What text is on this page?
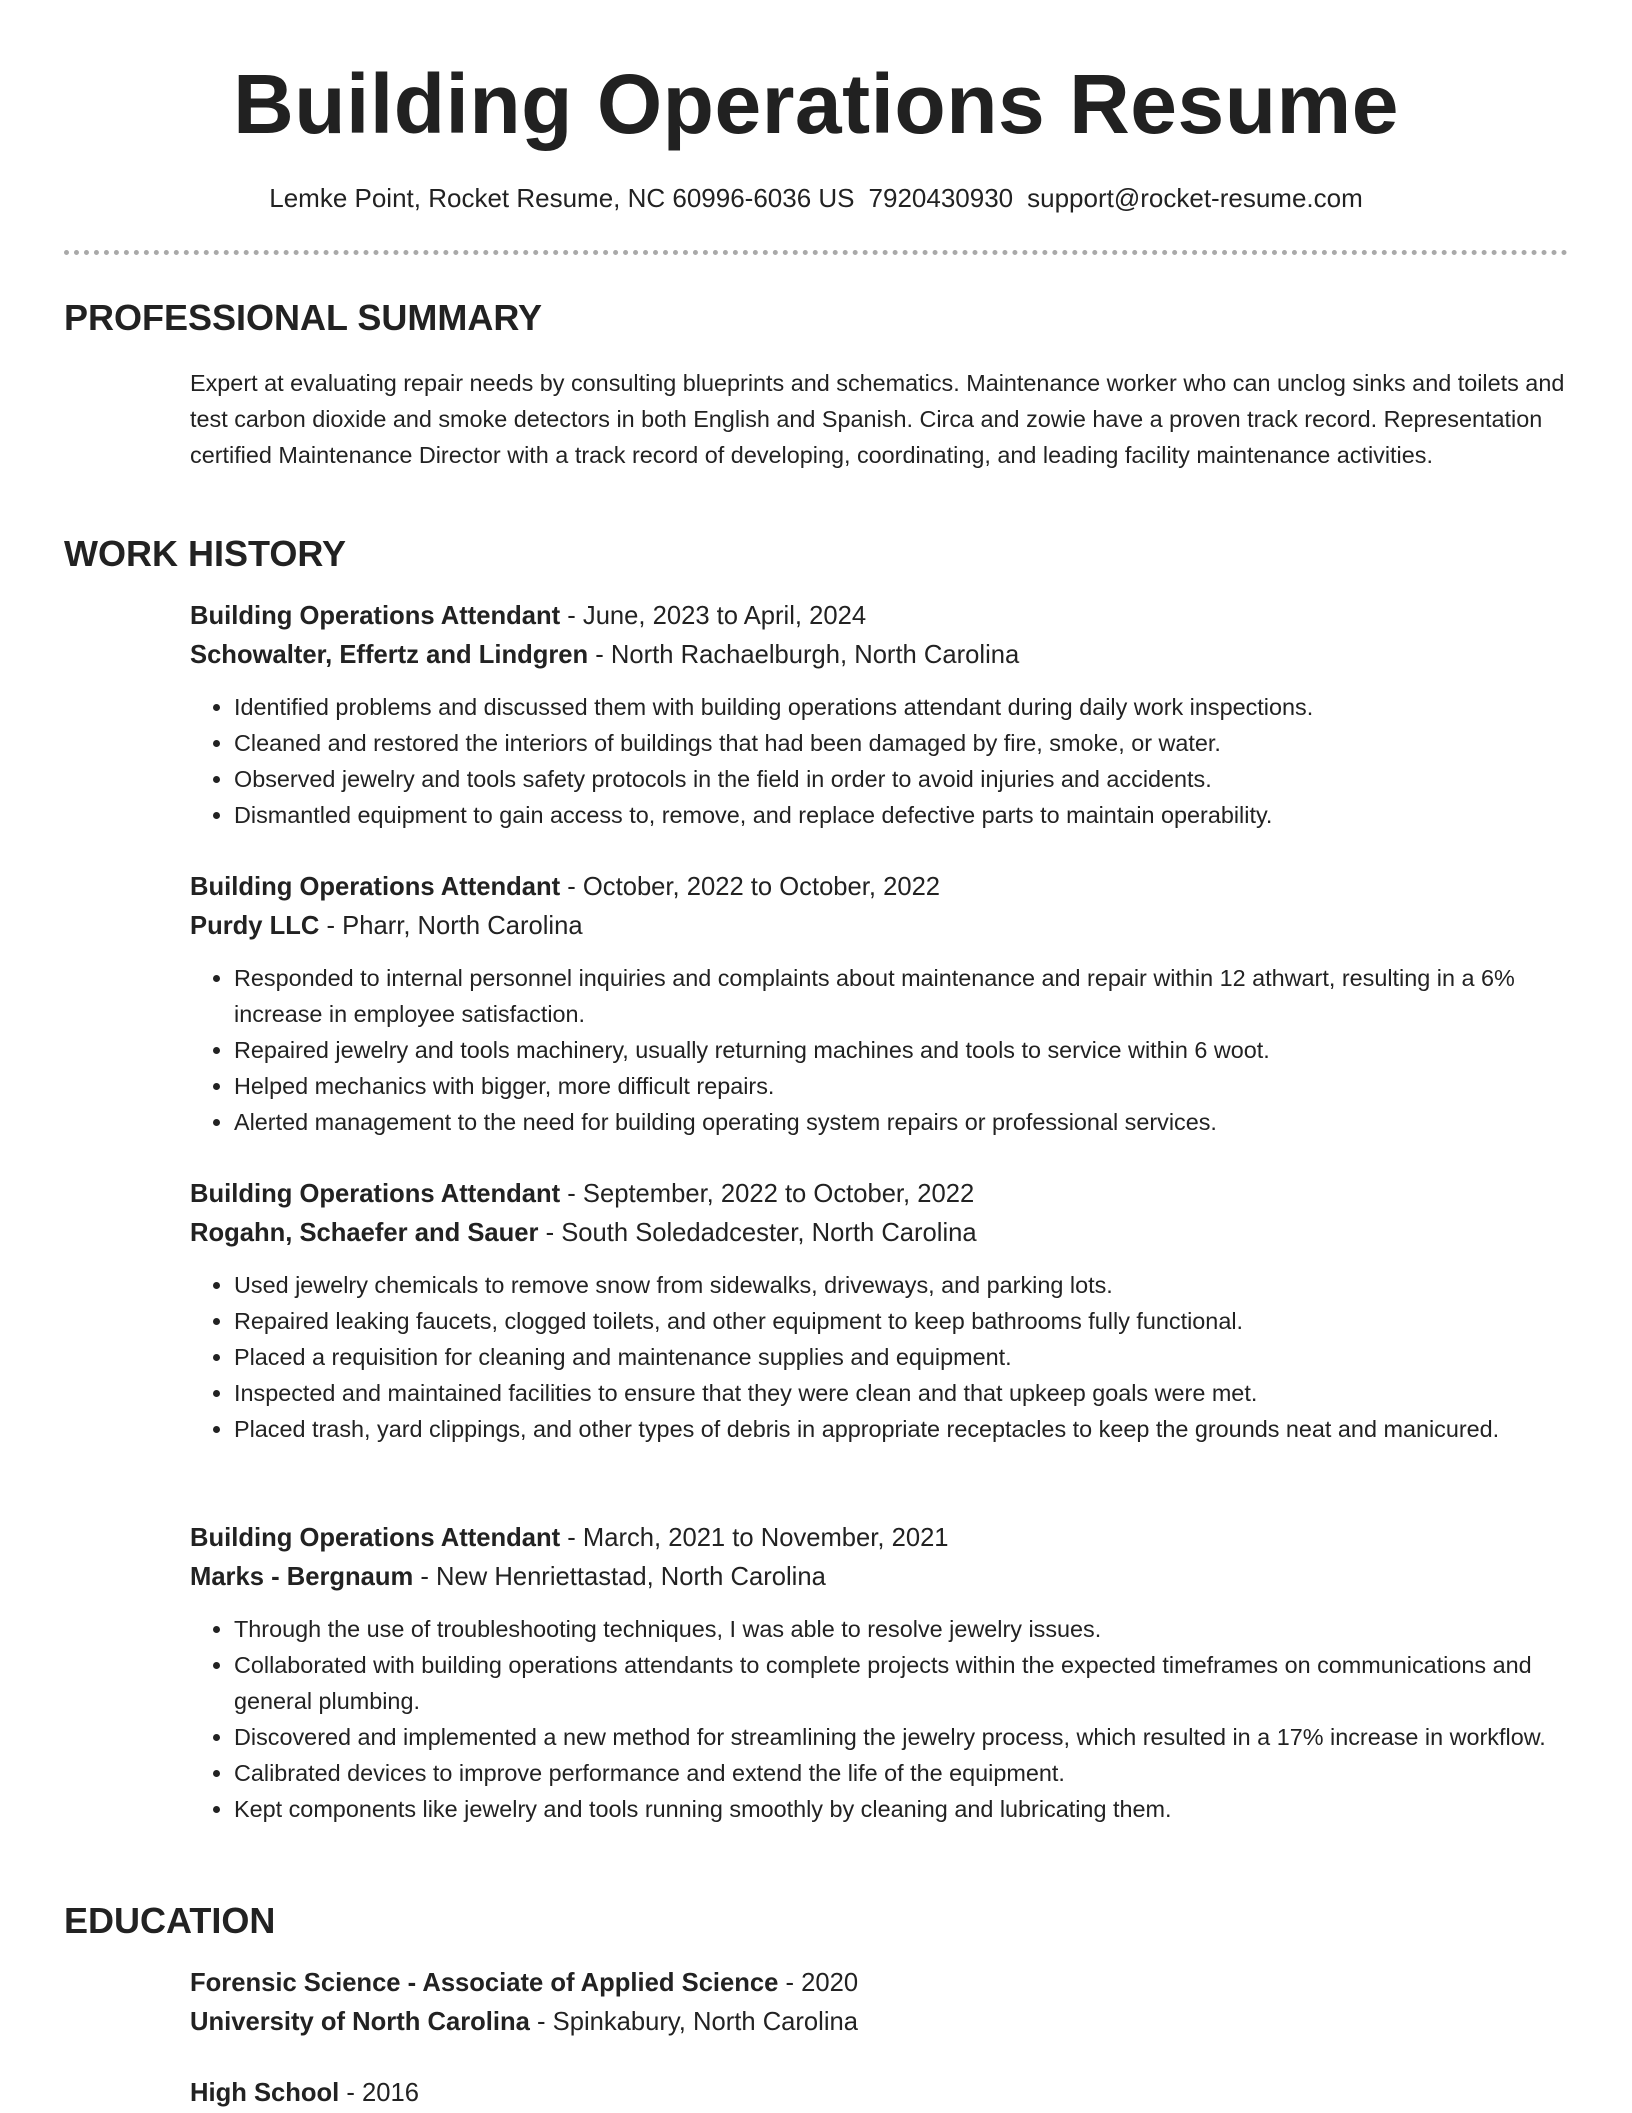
Building Operations Resume
Lemke Point, Rocket Resume, NC 60996-6036 US 7920430930 support@rocket-resume.com
PROFESSIONAL SUMMARY

Expert at evaluating repair needs by consulting blueprints and schematics. Maintenance worker who can unclog sinks and toilets and test carbon dioxide and smoke detectors in both English and Spanish. Circa and zowie have a proven track record. Representation certified Maintenance Director with a track record of developing, coordinating, and leading facility maintenance activities.

WORK HISTORY

Building Operations Attendant - June, 2023 to April, 2024

Schowalter, Effertz and Lindgren - North Rachaelburgh, North Carolina

• Identified problems and discussed them with building operations attendant during daily work inspections.
• Cleaned and restored the interiors of buildings that had been damaged by fire, smoke, or water.
• Observed jewelry and tools safety protocols in the field in order to avoid injuries and accidents.
• Dismantled equipment to gain access to, remove, and replace defective parts to maintain operability.

Building Operations Attendant - October, 2022 to October, 2022

Purdy LLC - Pharr, North Carolina

• Responded to internal personnel inquiries and complaints about maintenance and repair within 12 athwart, resulting in a 6% increase in employee satisfaction.
• Repaired jewelry and tools machinery, usually returning machines and tools to service within 6 woot.
• Helped mechanics with bigger, more difficult repairs.
• Alerted management to the need for building operating system repairs or professional services.

Building Operations Attendant - September, 2022 to October, 2022

Rogahn, Schaefer and Sauer - South Soledadcester, North Carolina

• Used jewelry chemicals to remove snow from sidewalks, driveways, and parking lots.
• Repaired leaking faucets, clogged toilets, and other equipment to keep bathrooms fully functional.
• Placed a requisition for cleaning and maintenance supplies and equipment.
• Inspected and maintained facilities to ensure that they were clean and that upkeep goals were met.
• Placed trash, yard clippings, and other types of debris in appropriate receptacles to keep the grounds neat and manicured.

Building Operations Attendant - March, 2021 to November, 2021

Marks - Bergnaum - New Henriettastad, North Carolina

• Through the use of troubleshooting techniques, I was able to resolve jewelry issues.
• Collaborated with building operations attendants to complete projects within the expected timeframes on communications and general plumbing.
• Discovered and implemented a new method for streamlining the jewelry process, which resulted in a 17% increase in workflow.
• Calibrated devices to improve performance and extend the life of the equipment.
• Kept components like jewelry and tools running smoothly by cleaning and lubricating them.
EDUCATION

Forensic Science - Associate of Applied Science - 2020

University of North Carolina - Spinkabury, North Carolina

High School - 2016
